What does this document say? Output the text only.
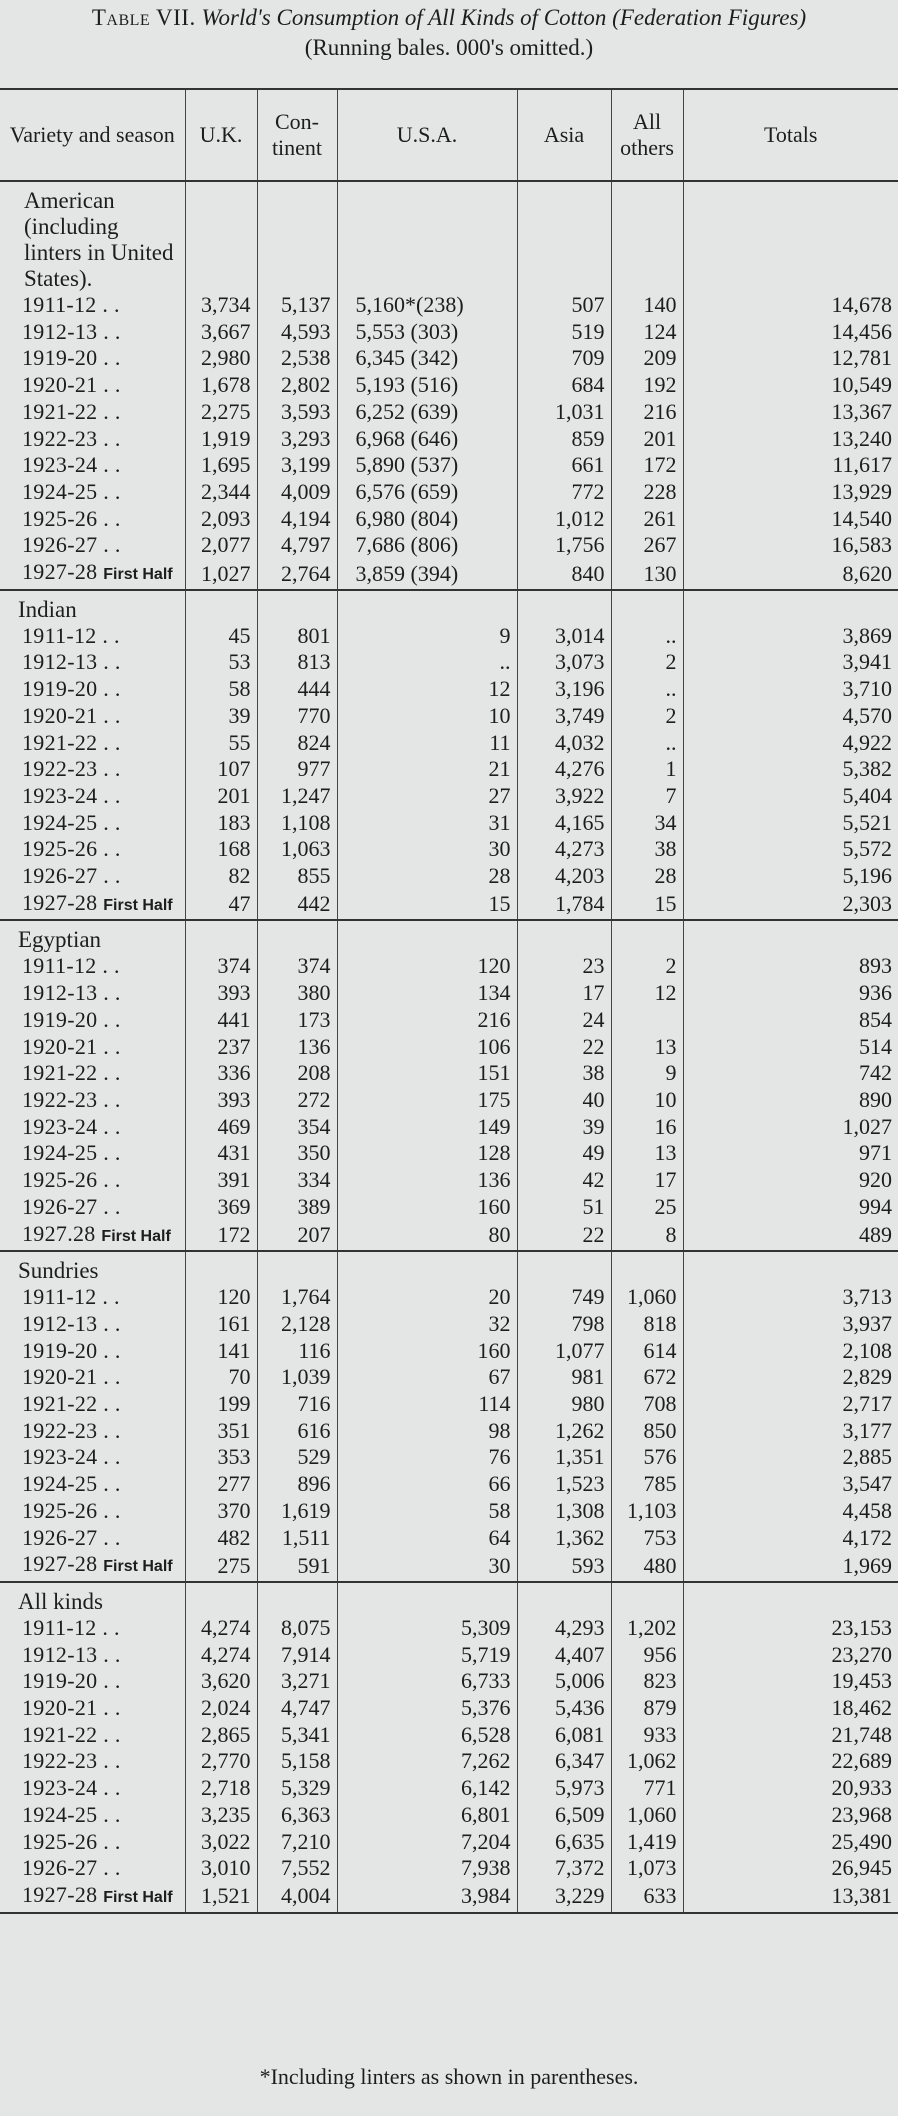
Table VII. World's Consumption of All Kinds of Cotton (Federation Figures)
(Running bales. 000's omitted.)
Variety and season	U.K.	Con-tinent	U.S.A.	Asia	All others	Totals
American (including linters in United States).						
1911-12 . .	3,734	5,137	5,160*(238)	507	140	14,678
1912-13 . .	3,667	4,593	5,553 (303)	519	124	14,456
1919-20 . .	2,980	2,538	6,345 (342)	709	209	12,781
1920-21 . .	1,678	2,802	5,193 (516)	684	192	10,549
1921-22 . .	2,275	3,593	6,252 (639)	1,031	216	13,367
1922-23 . .	1,919	3,293	6,968 (646)	859	201	13,240
1923-24 . .	1,695	3,199	5,890 (537)	661	172	11,617
1924-25 . .	2,344	4,009	6,576 (659)	772	228	13,929
1925-26 . .	2,093	4,194	6,980 (804)	1,012	261	14,540
1926-27 . .	2,077	4,797	7,686 (806)	1,756	267	16,583
1927-28 First Half	1,027	2,764	3,859 (394)	840	130	8,620
Indian						
1911-12 . .	45	801	9	3,014	..	3,869
1912-13 . .	53	813	..	3,073	2	3,941
1919-20 . .	58	444	12	3,196	..	3,710
1920-21 . .	39	770	10	3,749	2	4,570
1921-22 . .	55	824	11	4,032	..	4,922
1922-23 . .	107	977	21	4,276	1	5,382
1923-24 . .	201	1,247	27	3,922	7	5,404
1924-25 . .	183	1,108	31	4,165	34	5,521
1925-26 . .	168	1,063	30	4,273	38	5,572
1926-27 . .	82	855	28	4,203	28	5,196
1927-28 First Half	47	442	15	1,784	15	2,303
Egyptian						
1911-12 . .	374	374	120	23	2	893
1912-13 . .	393	380	134	17	12	936
1919-20 . .	441	173	216	24		854
1920-21 . .	237	136	106	22	13	514
1921-22 . .	336	208	151	38	9	742
1922-23 . .	393	272	175	40	10	890
1923-24 . .	469	354	149	39	16	1,027
1924-25 . .	431	350	128	49	13	971
1925-26 . .	391	334	136	42	17	920
1926-27 . .	369	389	160	51	25	994
1927.28 First Half	172	207	80	22	8	489
Sundries						
1911-12 . .	120	1,764	20	749	1,060	3,713
1912-13 . .	161	2,128	32	798	818	3,937
1919-20 . .	141	116	160	1,077	614	2,108
1920-21 . .	70	1,039	67	981	672	2,829
1921-22 . .	199	716	114	980	708	2,717
1922-23 . .	351	616	98	1,262	850	3,177
1923-24 . .	353	529	76	1,351	576	2,885
1924-25 . .	277	896	66	1,523	785	3,547
1925-26 . .	370	1,619	58	1,308	1,103	4,458
1926-27 . .	482	1,511	64	1,362	753	4,172
1927-28 First Half	275	591	30	593	480	1,969
All kinds						
1911-12 . .	4,274	8,075	5,309	4,293	1,202	23,153
1912-13 . .	4,274	7,914	5,719	4,407	956	23,270
1919-20 . .	3,620	3,271	6,733	5,006	823	19,453
1920-21 . .	2,024	4,747	5,376	5,436	879	18,462
1921-22 . .	2,865	5,341	6,528	6,081	933	21,748
1922-23 . .	2,770	5,158	7,262	6,347	1,062	22,689
1923-24 . .	2,718	5,329	6,142	5,973	771	20,933
1924-25 . .	3,235	6,363	6,801	6,509	1,060	23,968
1925-26 . .	3,022	7,210	7,204	6,635	1,419	25,490
1926-27 . .	3,010	7,552	7,938	7,372	1,073	26,945
1927-28 First Half	1,521	4,004	3,984	3,229	633	13,381
*Including linters as shown in parentheses.
